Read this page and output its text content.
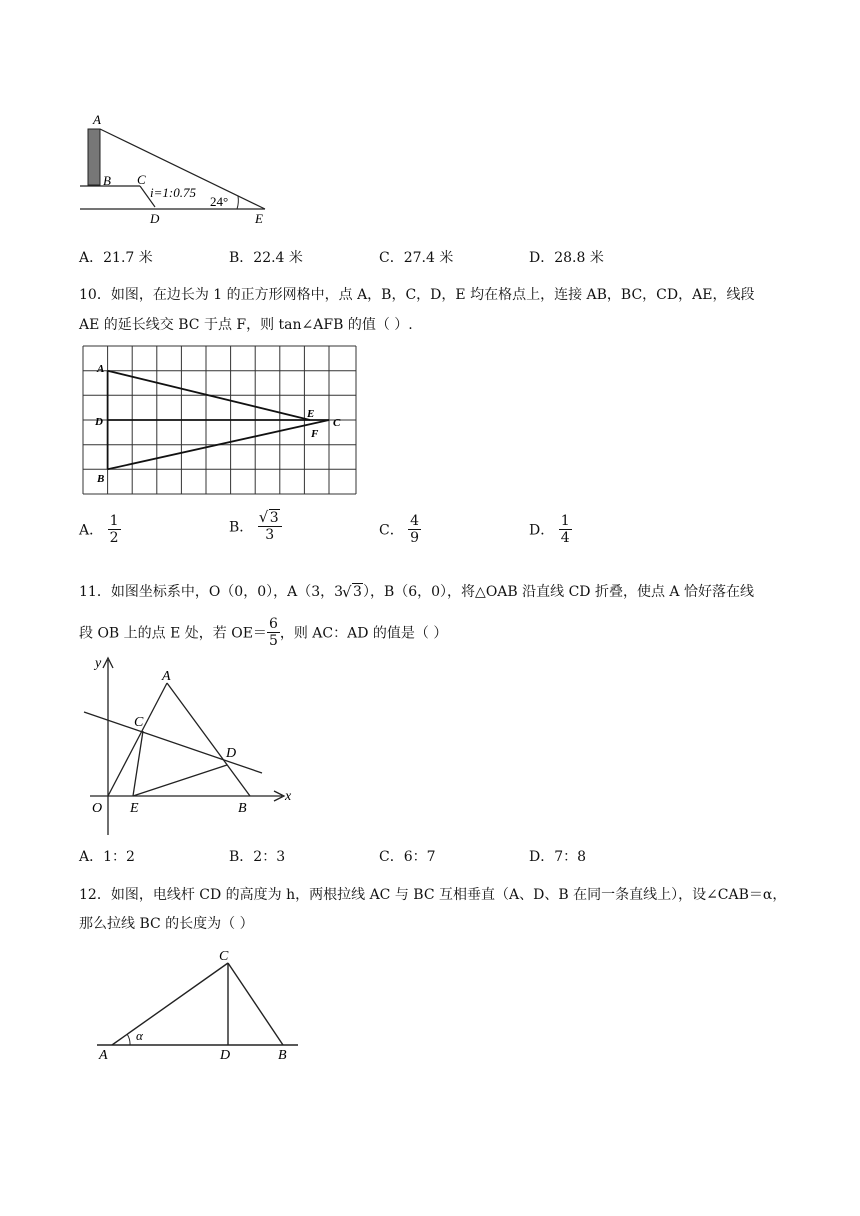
A
B C
i=1:0.75
24°
D	E
A．21.7 米	B．22.4 米	C．27.4 米	D．28.8 米
10．如图，在边长为 1 的正方形网格中，点 A，B，C，D，E 均在格点上，连接 AB，BC，CD，AE，线段
AE 的延长线交 BC 于点 F，则 tan∠AFB 的值（ ）.
A
D
B
E
F
C
A． $\frac{1}{2}$	B． √ $\frac{3}{3}$	C． $\frac{4}{9}$	D． $\frac{1}{4}$
11．如图坐标系中，O（0，0），A（3，3 √ 3），B（6，0），将△OAB 沿直线 CD 折叠，使点 A 恰好落在线
段 OB 上的点 E 处，若 $OE= \frac{6}{5}$ ，则 AC：AD 的值是（ ）
y
x
A
C
D
O E	B
A．1：2	B．2：3	C．6：7	D．7：8
12．如图，电线杆 CD 的高度为 h，两根拉线 AC 与 BC 互相垂直（A、D、B 在同一条直线上），设∠CAB＝α，
那么拉线 BC 的长度为（ ）
C
α
A	D	B
